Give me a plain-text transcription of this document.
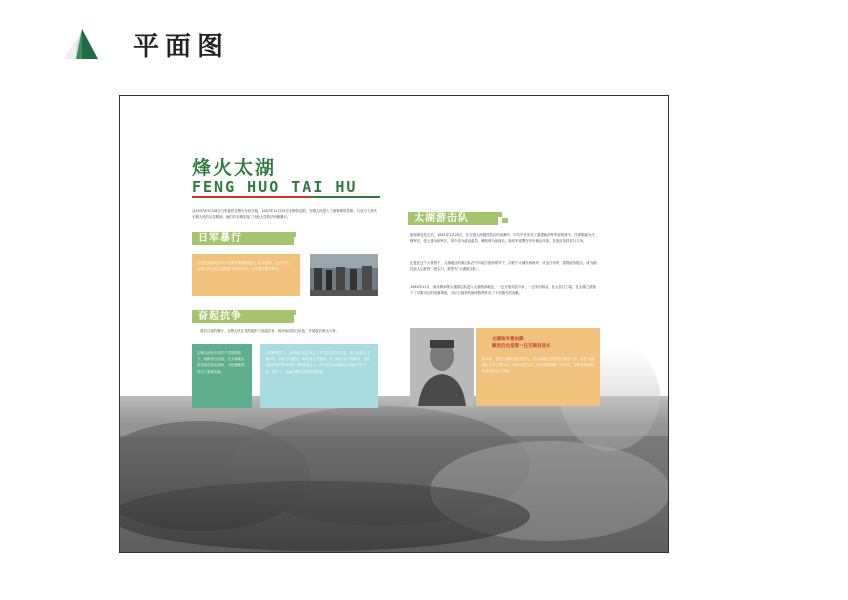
平面图
烽火太湖
FENG HUO TAI HU
从1937年9月28日日军轰炸无锡火车站开始，1937年11月25日无锡县沦陷，无锡人民进入了最艰难的苦难。日寇为了消灭无锡人民的反抗精神，他们对无锡实施了灭绝人性的法西斯暴行。
日军暴行
无锡沦陷期间日军对无锡实施残酷统治，烧杀抢掠，无恶不作，无锡人民在敌人的铁蹄下饱受苦难，日军暴行罄竹难书。
奋起抗争
面对日寇的暴行，无锡人民在党的组织下奋起抗争，纷纷参加抗日队伍，开展敌后游击斗争。
无锡人民在中国共产党的领导下，组织抗日武装，在太湖地区坚持敌后游击战争，为抗战胜利作出了重要贡献。
在党的领导下，无锡地区先后成立了多支抗日武装力量，他们活跃在太湖两岸，袭扰日伪据点，破坏敌人交通线，有力地打击了侵略者。这些武装在艰苦的环境中不断发展壮大，成为坚持太湖地区抗战的中坚力量，谱写了一曲曲可歌可泣的英雄赞歌。
太湖游击队
皖南事变发生后，1941年1月20日，在全国人民强烈抗议的高潮中，中共中央发布了重建新四军军部的命令，任命陈毅为代理军长，张云逸为副军长，刘少奇为政治委员，赖传珠为参谋长。新四军部署在华中地区作战，在敌后坚持抗日斗争。
正是在这个大背景下，太湖地区的游击队在中共地方组织领导下，活跃于太湖东西两岸，伏击日伪军，拔除敌伪据点，成为插在敌人心脏的一把尖刀，被誉为“太湖游击队”。
1944年11月，薛永辉率领太湖游击队进入太湖西部地区，一边开展对敌斗争，一边发动群众，壮大抗日力量，在太湖之滨留下了可歌可泣的英雄事迹，为抗日战争的最终胜利作出了不可磨灭的贡献。
太湖地专署由薛
解放后也是第一任无锡县县长
薛永辉，曾任太湖游击队负责人，在太湖地区坚持抗日游击斗争，后任太湖地区专员公署专员，新中国成立后，成为无锡县第一任县长，为家乡的建设和发展作出了贡献。
